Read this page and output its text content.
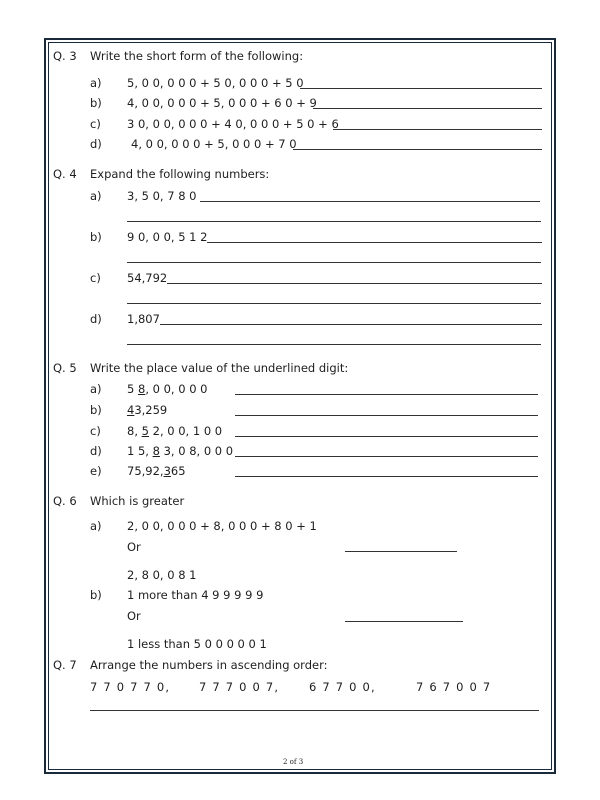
Q. 3 Write the short form of the following:
a) 5, 0 0, 0 0 0 + 5 0, 0 0 0 + 5 0
b) 4, 0 0, 0 0 0 + 5, 0 0 0 + 6 0 + 9
c) 3 0, 0 0, 0 0 0 + 4 0, 0 0 0 + 5 0 + 6
d)	4, 0 0, 0 0 0 + 5, 0 0 0 + 7 0
Q. 4 Expand the following numbers:
a) 3, 5 0, 7 8 0
b) 9 0, 0 0, 5 1 2
c) 54,792
d) 1,807
Q. 5 Write the place value of the underlined digit:
a) 5 8, 0 0, 0 0 0
b) 43,259
c) 8, 5 2, 0 0, 1 0 0
d) 1 5, 8 3, 0 8, 0 0 0
e) 75,92,365
Q. 6 Which is greater
a) 2, 0 0, 0 0 0 + 8, 0 0 0 + 8 0 + 1
Or
2, 8 0, 0 8 1
b) 1 more than 4 9 9 9 9 9
Or
1 less than 5 0 0 0 0 0 1
Q. 7 Arrange the numbers in ascending order:
7 7 0 7 7 0,	7 7 7 0 0 7,	6 7 7 0 0,	7 6 7 0 0 7
2 of 3
